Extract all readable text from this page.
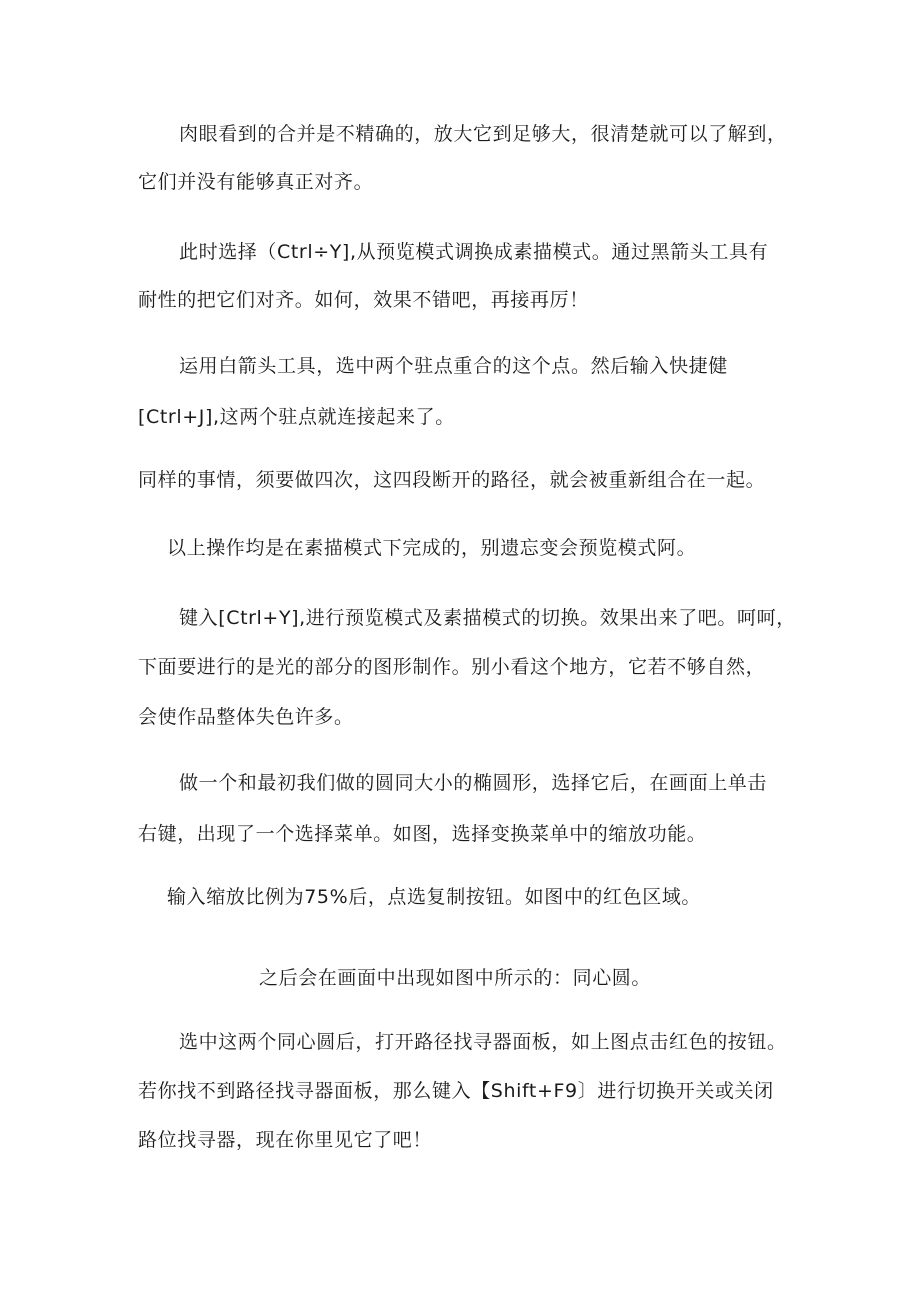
肉眼看到的合并是不精确的，放大它到足够大，很清楚就可以了解到，
它们并没有能够真正对齐。
此时选择（Ctrl÷Y],从预览模式调换成素描模式。通过黑箭头工具有
耐性的把它们对齐。如何，效果不错吧，再接再厉！
运用白箭头工具，选中两个驻点重合的这个点。然后输入快捷健
[Ctrl+J],这两个驻点就连接起来了。
同样的事情，须要做四次，这四段断开的路径，就会被重新组合在一起。
以上操作均是在素描模式下完成的，别遗忘变会预览模式阿。
键入[Ctrl+Y],进行预览模式及素描模式的切换。效果出来了吧。呵呵，
下面要进行的是光的部分的图形制作。别小看这个地方，它若不够自然，
会使作品整体失色许多。
做一个和最初我们做的圆同大小的椭圆形，选择它后，在画面上单击
右键，出现了一个选择菜单。如图，选择变换菜单中的缩放功能。
输入缩放比例为75%后，点选复制按钮。如图中的红色区域。
之后会在画面中出现如图中所示的：同心圆。
选中这两个同心圆后，打开路径找寻器面板，如上图点击红色的按钮。
若你找不到路径找寻器面板，那么键入【Shift+F9〕进行切换开关或关闭
路位找寻器，现在你里见它了吧！
